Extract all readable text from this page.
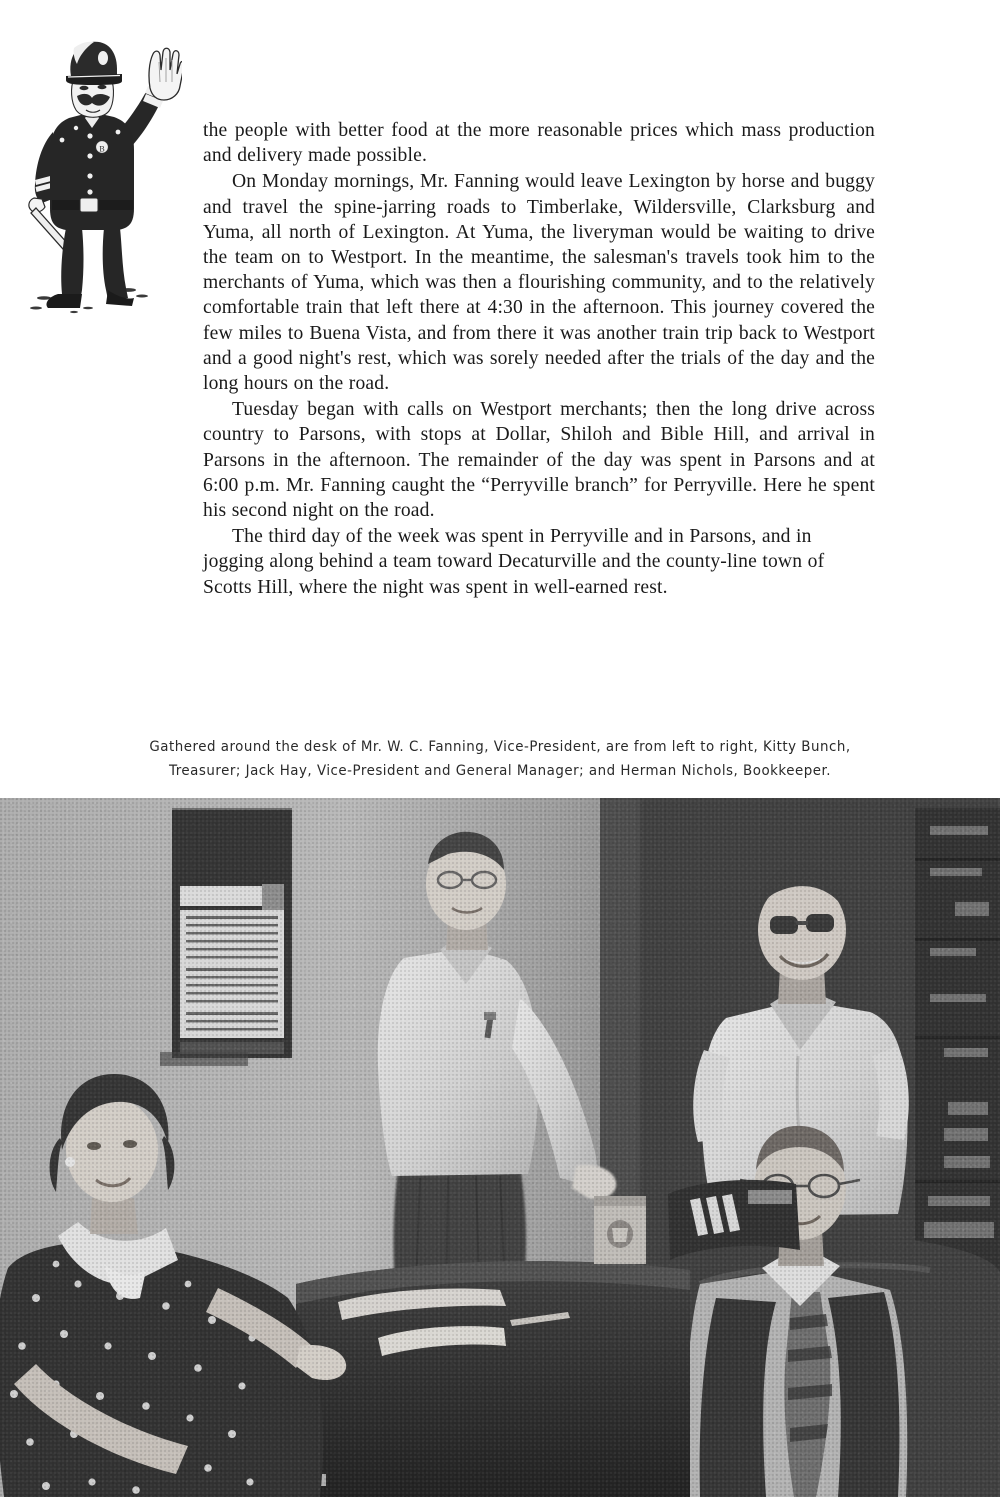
B

the people with better food at the more reasonable prices which mass production and delivery made possible.

On Monday mornings, Mr. Fanning would leave Lexington by horse and buggy and travel the spine-jarring roads to Timberlake, Wildersville, Clarksburg and Yuma, all north of Lexington. At Yuma, the liveryman would be waiting to drive the team on to Westport. In the meantime, the salesman's travels took him to the merchants of Yuma, which was then a flourishing community, and to the relatively comfortable train that left there at 4:30 in the afternoon. This journey covered the few miles to Buena Vista, and from there it was another train trip back to Westport and a good night's rest, which was sorely needed after the trials of the day and the long hours on the road.

Tuesday began with calls on Westport merchants; then the long drive across country to Parsons, with stops at Dollar, Shiloh and Bible Hill, and arrival in Parsons in the afternoon. The remainder of the day was spent in Parsons and at 6:00 p.m. Mr. Fanning caught the “Perryville branch” for Perryville. Here he spent his second night on the road.

The third day of the week was spent in Perryville and in Parsons, and in jogging along behind a team toward Decaturville and the county-line town of Scotts Hill, where the night was spent in well-earned rest.

Gathered around the desk of Mr. W. C. Fanning, Vice-President, are from left to right, Kitty Bunch,
Treasurer; Jack Hay, Vice-President and General Manager; and Herman Nichols, Bookkeeper.
